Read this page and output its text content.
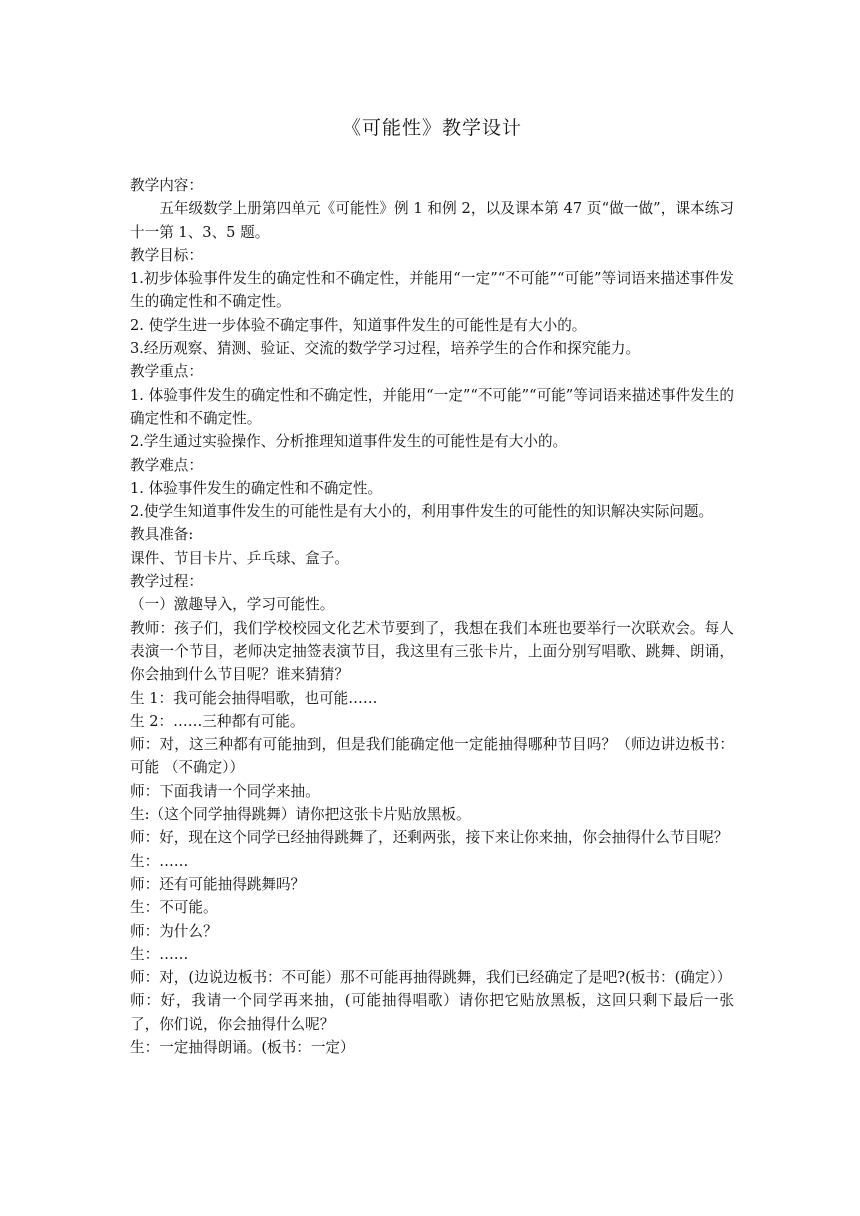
《可能性》教学设计

教学内容：

五年级数学上册第四单元《可能性》例 1 和例 2，以及课本第 47 页“做一做”，课本练习十一第 1、3、5 题。

教学目标：

1.初步体验事件发生的确定性和不确定性，并能用“一定”“不可能”“可能”等词语来描述事件发生的确定性和不确定性。

2. 使学生进一步体验不确定事件，知道事件发生的可能性是有大小的。

3.经历观察、猜测、验证、交流的数学学习过程，培养学生的合作和探究能力。

教学重点：

1. 体验事件发生的确定性和不确定性，并能用“一定”“不可能”“可能”等词语来描述事件发生的确定性和不确定性。

2.学生通过实验操作、分析推理知道事件发生的可能性是有大小的。

教学难点：

1. 体验事件发生的确定性和不确定性。

2.使学生知道事件发生的可能性是有大小的，利用事件发生的可能性的知识解决实际问题。

教具准备:

课件、节目卡片、乒乓球、盒子。

教学过程：

（一）激趣导入，学习可能性。

教师：孩子们，我们学校校园文化艺术节要到了，我想在我们本班也要举行一次联欢会。每人表演一个节目，老师决定抽签表演节目，我这里有三张卡片，上面分别写唱歌、跳舞、朗诵，你会抽到什么节目呢？谁来猜猜？

生 1：我可能会抽得唱歌，也可能……

生 2：……三种都有可能。

师：对，这三种都有可能抽到，但是我们能确定他一定能抽得哪种节目吗？（师边讲边板书：可能 （不确定））

师：下面我请一个同学来抽。

生:（这个同学抽得跳舞）请你把这张卡片贴放黑板。

师：好，现在这个同学已经抽得跳舞了，还剩两张，接下来让你来抽，你会抽得什么节目呢？

生：……

师：还有可能抽得跳舞吗？

生：不可能。

师：为什么？

生：……

师：对，(边说边板书：不可能）那不可能再抽得跳舞，我们已经确定了是吧?(板书：(确定））

师：好，我请一个同学再来抽，(可能抽得唱歌）请你把它贴放黑板，这回只剩下最后一张了，你们说，你会抽得什么呢？

生：一定抽得朗诵。(板书：一定）
